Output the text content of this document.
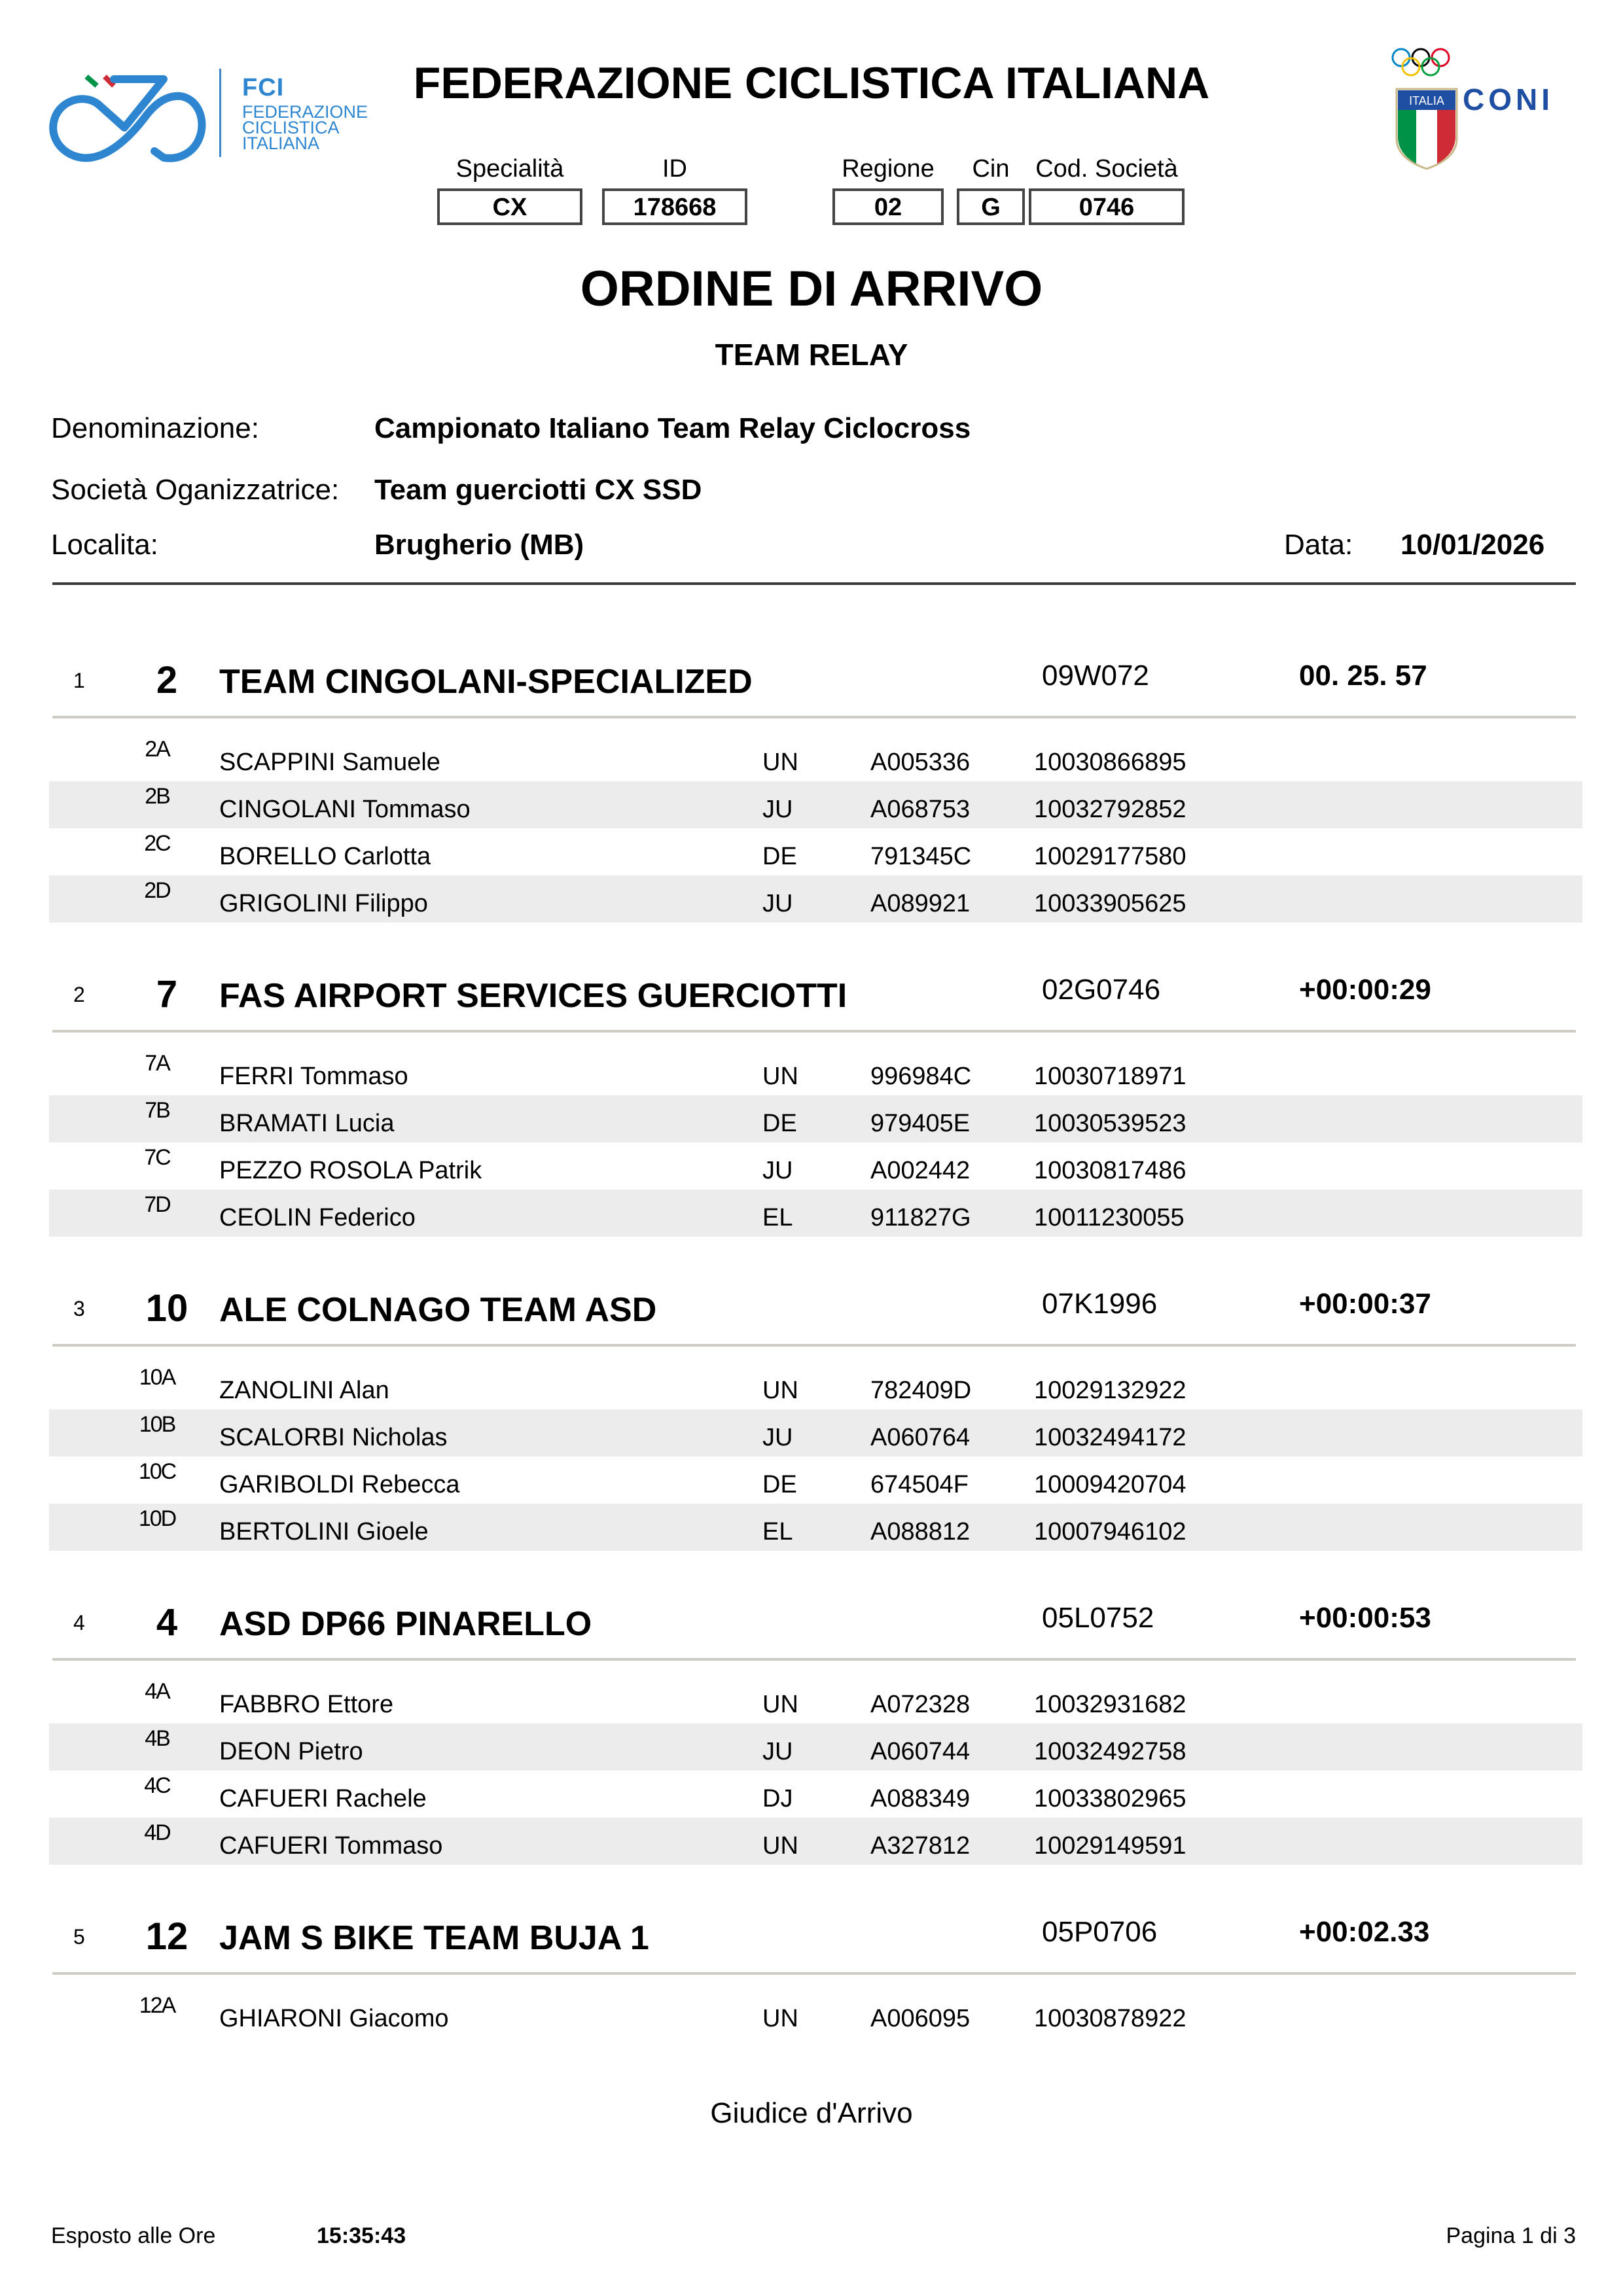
FCI
FEDERAZIONE
CICLISTICA
ITALIANA
ITALIA CONI
FEDERAZIONE CICLISTICA ITALIANA
Specialità
CX
ID
178668
Regione
02
Cin
G
Cod. Società
0746
ORDINE DI ARRIVO
TEAM RELAY
Denominazione:	Campionato Italiano Team Relay Ciclocross
Società Oganizzatrice: Team guerciotti CX SSD
Localita:	Brugherio (MB)	Data: 10/01/2026
1	2	TEAM CINGOLANI-SPECIALIZED	09W072	00. 25. 57
2A	SCAPPINI Samuele	UN	A005336	10030866895
2B	CINGOLANI Tommaso	JU	A068753	10032792852
2C	BORELLO Carlotta	DE	791345C	10029177580
2D	GRIGOLINI Filippo	JU	A089921	10033905625
2	7	FAS AIRPORT SERVICES GUERCIOTTI	02G0746	+00:00:29
7A	FERRI Tommaso	UN	996984C	10030718971
7B	BRAMATI Lucia	DE	979405E	10030539523
7C	PEZZO ROSOLA Patrik	JU	A002442	10030817486
7D	CEOLIN Federico	EL	911827G	10011230055
3	10 ALE COLNAGO TEAM ASD	07K1996	+00:00:37
10A ZANOLINI Alan	UN	782409D	10029132922
10B SCALORBI Nicholas	JU	A060764	10032494172
10C GARIBOLDI Rebecca	DE	674504F	10009420704
10D BERTOLINI Gioele	EL	A088812	10007946102
4	4	ASD DP66 PINARELLO	05L0752	+00:00:53
4A	FABBRO Ettore	UN	A072328	10032931682
4B	DEON Pietro	JU	A060744	10032492758
4C	CAFUERI Rachele	DJ	A088349	10033802965
4D	CAFUERI Tommaso	UN	A327812	10029149591
5	12 JAM S BIKE TEAM BUJA 1	05P0706	+00:02.33
12A GHIARONI Giacomo	UN	A006095	10030878922
Giudice d'Arrivo
Esposto alle Ore	15:35:43	Pagina 1 di 3
